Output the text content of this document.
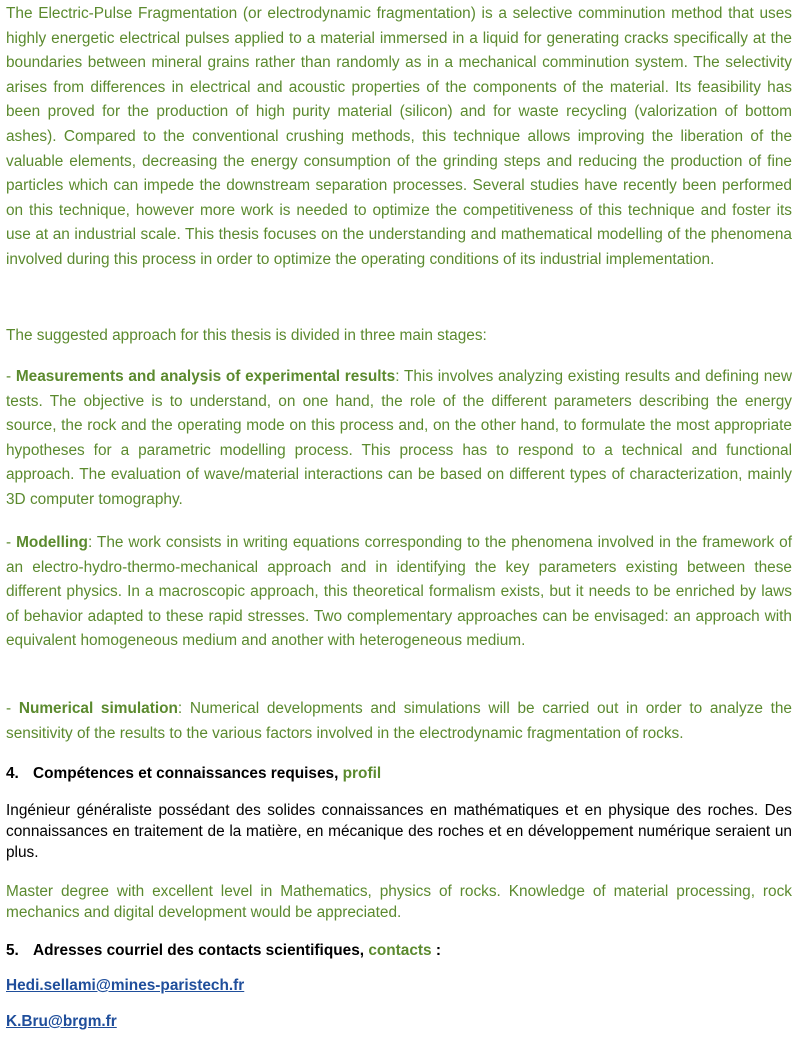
The Electric-Pulse Fragmentation (or electrodynamic fragmentation) is a selective comminution method that uses highly energetic electrical pulses applied to a material immersed in a liquid for generating cracks specifically at the boundaries between mineral grains rather than randomly as in a mechanical comminution system. The selectivity arises from differences in electrical and acoustic properties of the components of the material. Its feasibility has been proved for the production of high purity material (silicon) and for waste recycling (valorization of bottom ashes). Compared to the conventional crushing methods, this technique allows improving the liberation of the valuable elements, decreasing the energy consumption of the grinding steps and reducing the production of fine particles which can impede the downstream separation processes. Several studies have recently been performed on this technique, however more work is needed to optimize the competitiveness of this technique and foster its use at an industrial scale. This thesis focuses on the understanding and mathematical modelling of the phenomena involved during this process in order to optimize the operating conditions of its industrial implementation.

The suggested approach for this thesis is divided in three main stages:

- Measurements and analysis of experimental results: This involves analyzing existing results and defining new tests. The objective is to understand, on one hand, the role of the different parameters describing the energy source, the rock and the operating mode on this process and, on the other hand, to formulate the most appropriate hypotheses for a parametric modelling process. This process has to respond to a technical and functional approach. The evaluation of wave/material interactions can be based on different types of characterization, mainly 3D computer tomography.

- Modelling: The work consists in writing equations corresponding to the phenomena involved in the framework of an electro-hydro-thermo-mechanical approach and in identifying the key parameters existing between these different physics. In a macroscopic approach, this theoretical formalism exists, but it needs to be enriched by laws of behavior adapted to these rapid stresses. Two complementary approaches can be envisaged: an approach with equivalent homogeneous medium and another with heterogeneous medium.

- Numerical simulation: Numerical developments and simulations will be carried out in order to analyze the sensitivity of the results to the various factors involved in the electrodynamic fragmentation of rocks.

4. Compétences et connaissances requises, profil

Ingénieur généraliste possédant des solides connaissances en mathématiques et en physique des roches. Des connaissances en traitement de la matière, en mécanique des roches et en développement numérique seraient un plus.

Master degree with excellent level in Mathematics, physics of rocks. Knowledge of material processing, rock mechanics and digital development would be appreciated.

5. Adresses courriel des contacts scientifiques, contacts :

Hedi.sellami@mines-paristech.fr
K.Bru@brgm.fr
